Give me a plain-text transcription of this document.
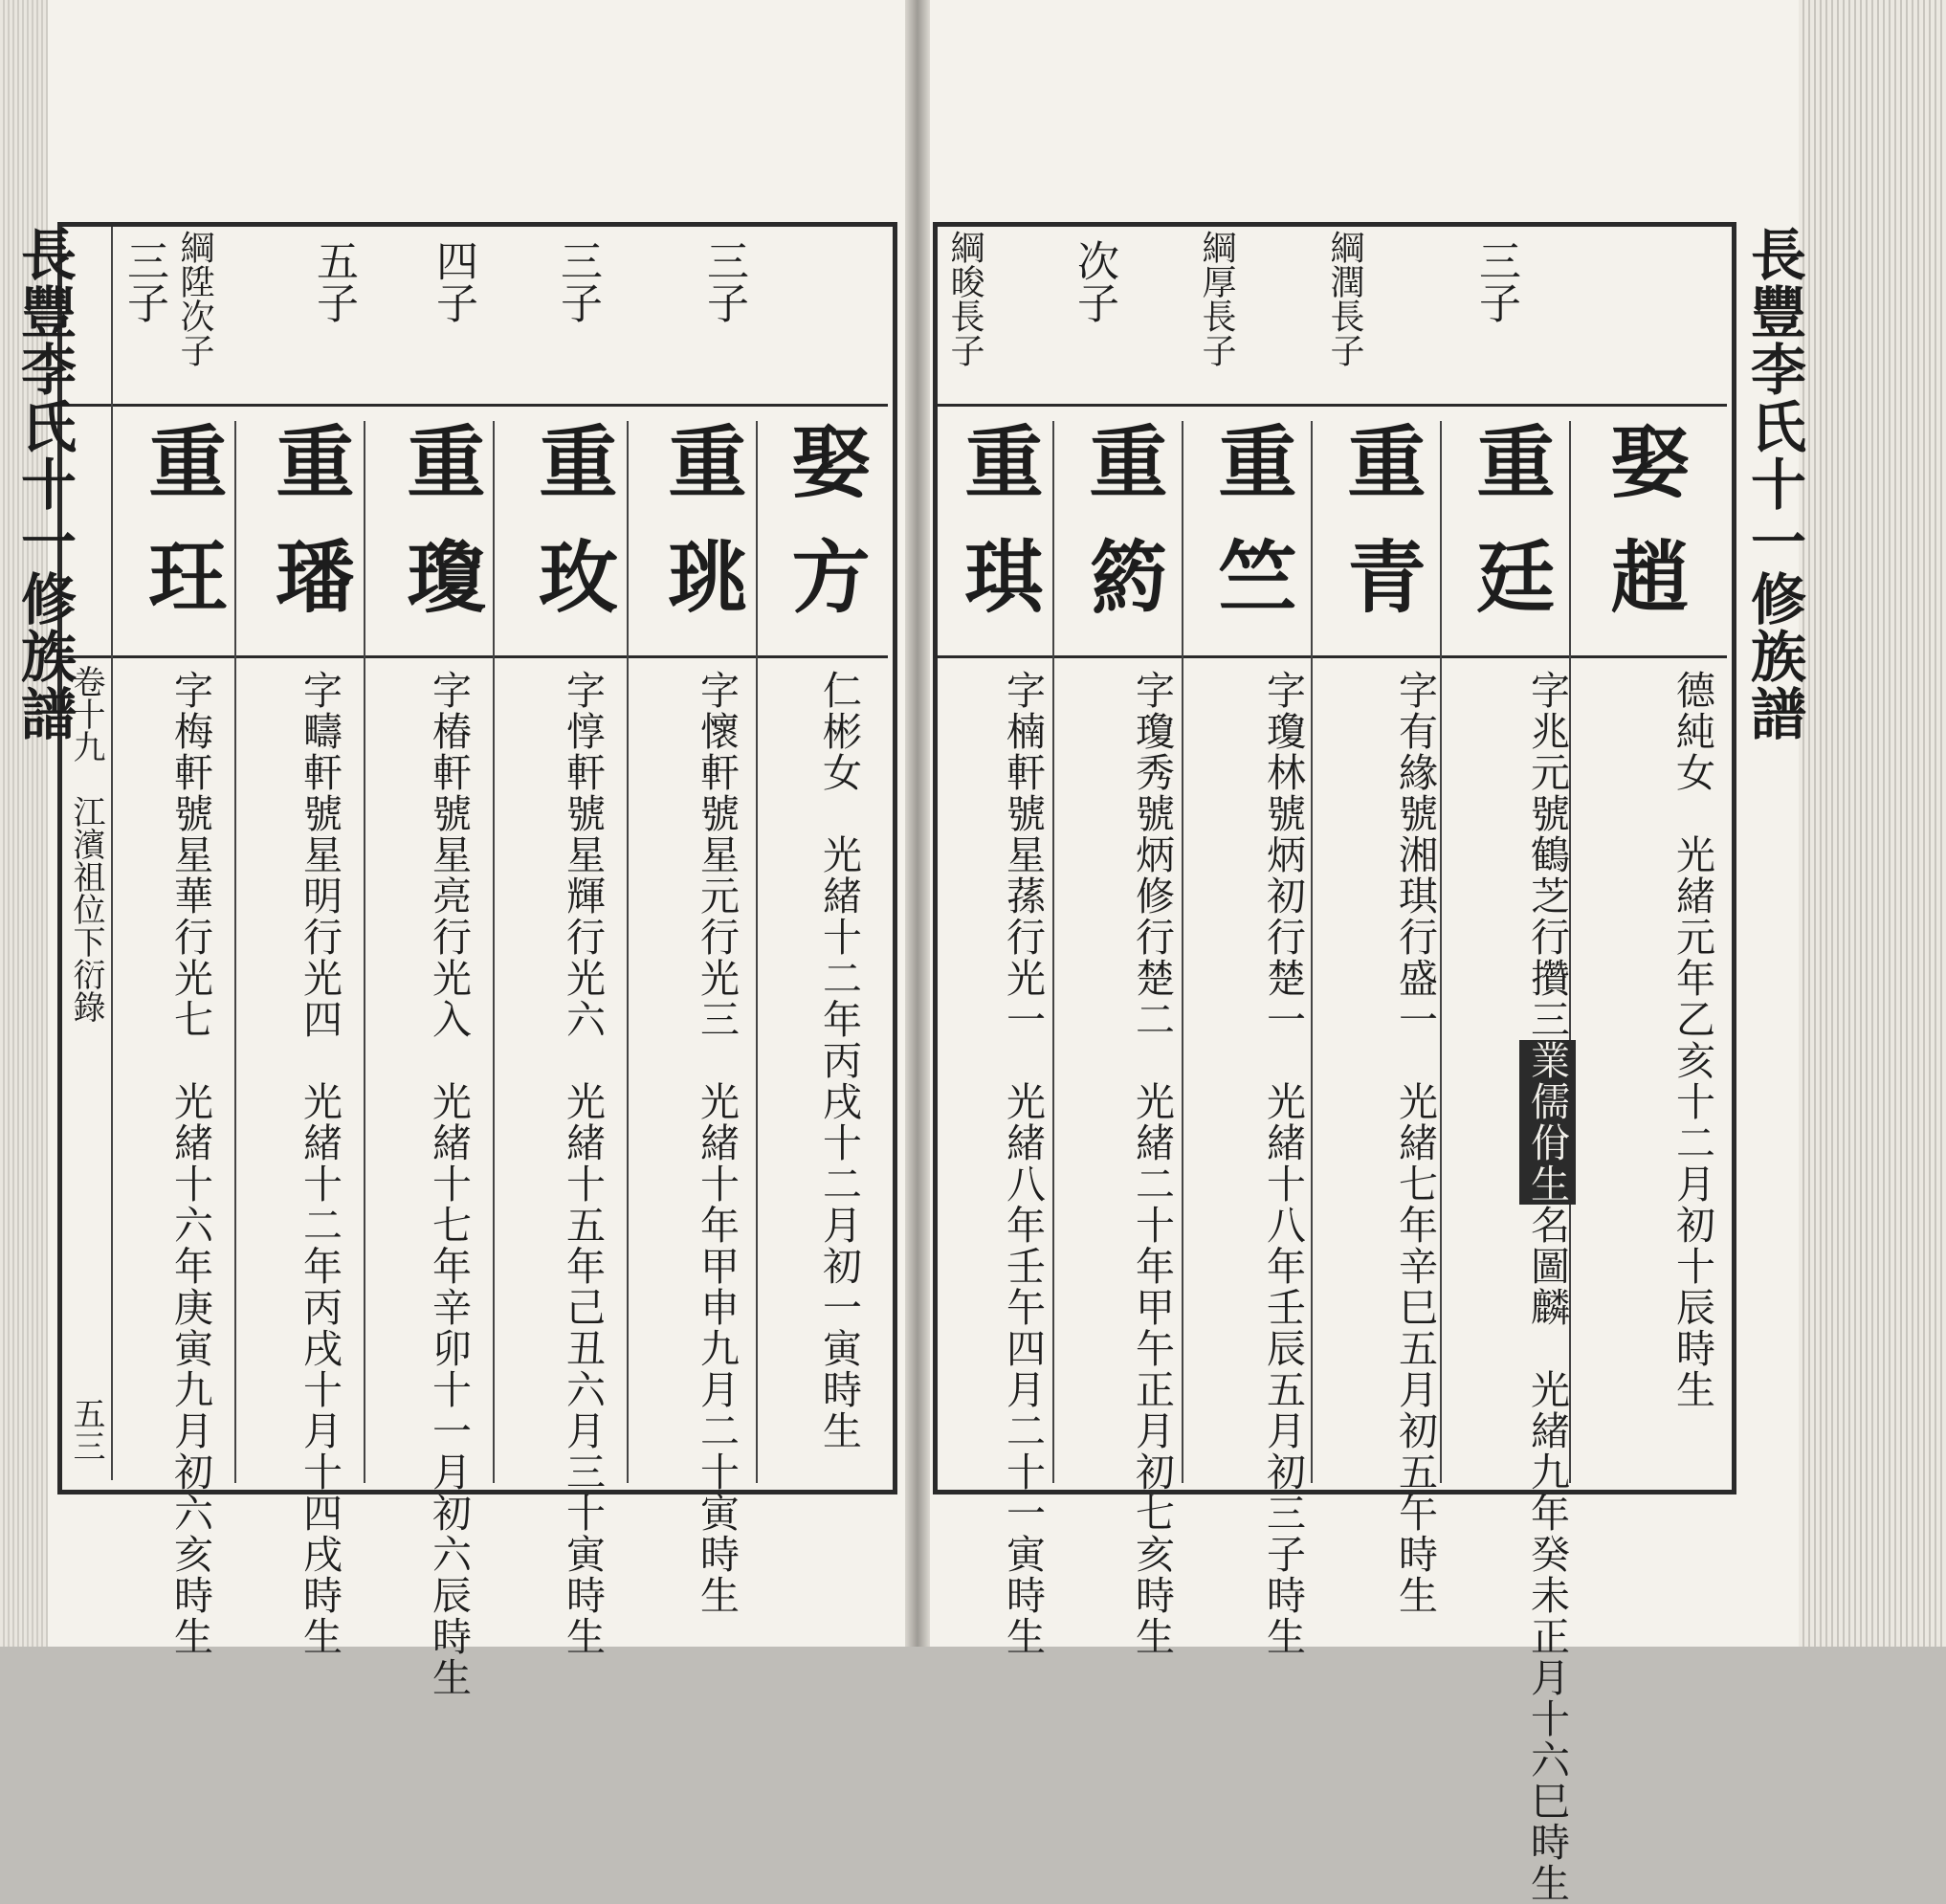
長豐李氏十一修族譜
卷十九　江濱祖位下衍錄
五三
三子
娶方
仁彬女　光緒十二年丙戌十二月初一寅時生
三子
重珧
字懷軒號星元行光三　光緒十年甲申九月二十寅時生
四子
重玫
字惇軒號星輝行光六　光緒十五年己丑六月三十寅時生
五子
重瓊
字椿軒號星亮行光入　光緒十七年辛卯十一月初六辰時生
綱陞次子
重璠
字疇軒號星明行光四　光緒十二年丙戌十月十四戌時生
三子
重玨
字梅軒號星華行光七　光緒十六年庚寅九月初六亥時生
長豐李氏十一修族譜
娶趙
德純女　光緒元年乙亥十二月初十辰時生
三子
重廷
字兆元號鶴芝行攢三業儒佾生名圖麟　光緒九年癸未正月十六巳時生
綱潤長子
重青
字有緣號湘琪行盛一　光緒七年辛巳五月初五午時生
綱厚長子
重竺
字瓊林號炳初行楚一　光緒十八年壬辰五月初三子時生
次子
重箹
字瓊秀號炳修行楚二　光緒二十年甲午正月初七亥時生
綱晙長子
重琪
字楠軒號星蓀行光一　光緒八年壬午四月二十一寅時生
